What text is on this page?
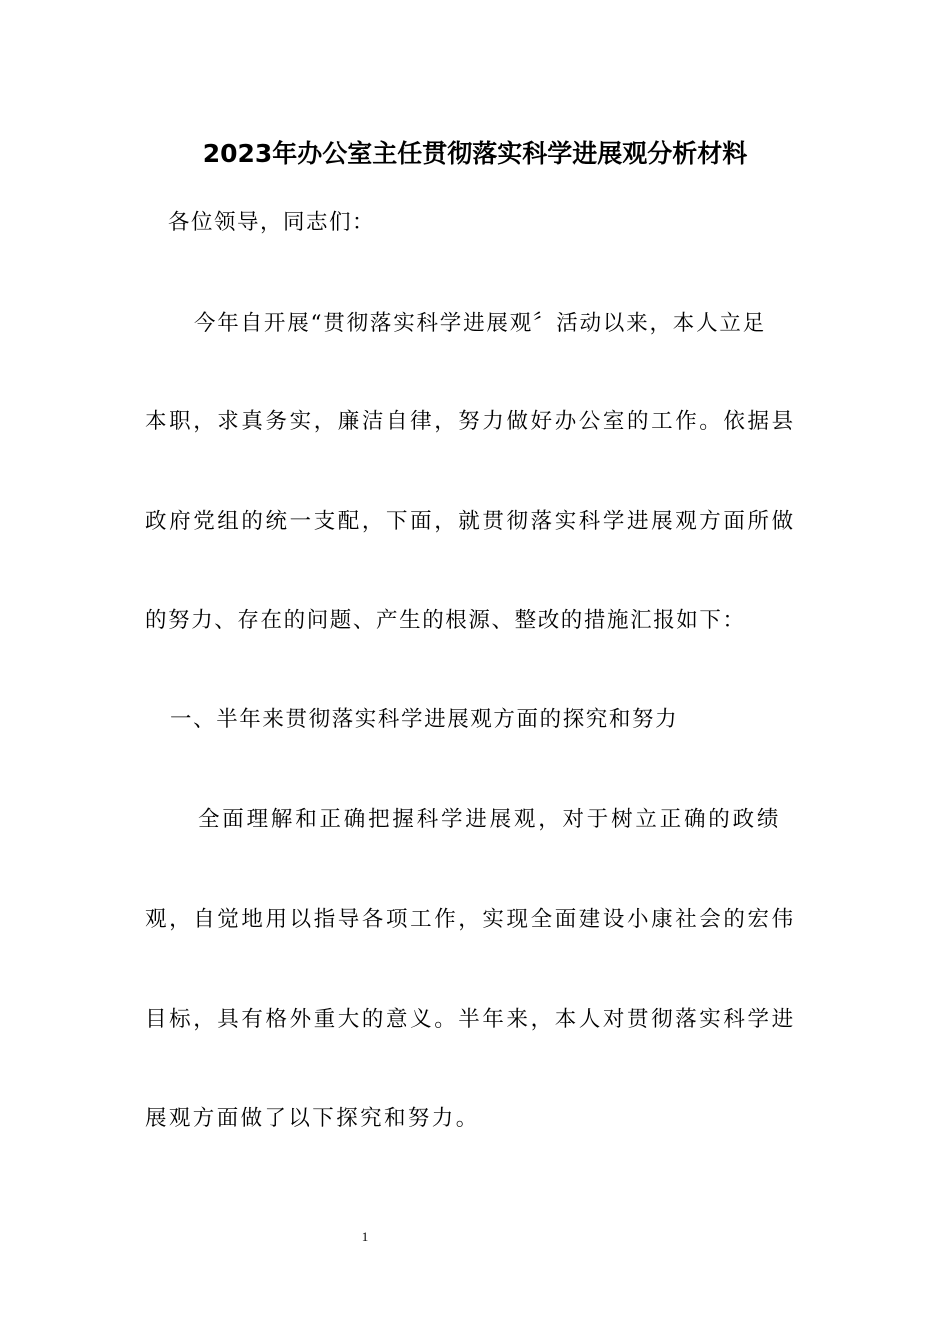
2023年办公室主任贯彻落实科学进展观分析材料
各位领导，同志们：
今年自开展“贯彻落实科学进展观〞活动以来，本人立足
本职，求真务实，廉洁自律，努力做好办公室的工作。依据县
政府党组的统一支配，下面，就贯彻落实科学进展观方面所做
的努力、存在的问题、产生的根源、整改的措施汇报如下：
一、半年来贯彻落实科学进展观方面的探究和努力
全面理解和正确把握科学进展观，对于树立正确的政绩
观，自觉地用以指导各项工作，实现全面建设小康社会的宏伟
目标，具有格外重大的意义。半年来，本人对贯彻落实科学进
展观方面做了以下探究和努力。
1
